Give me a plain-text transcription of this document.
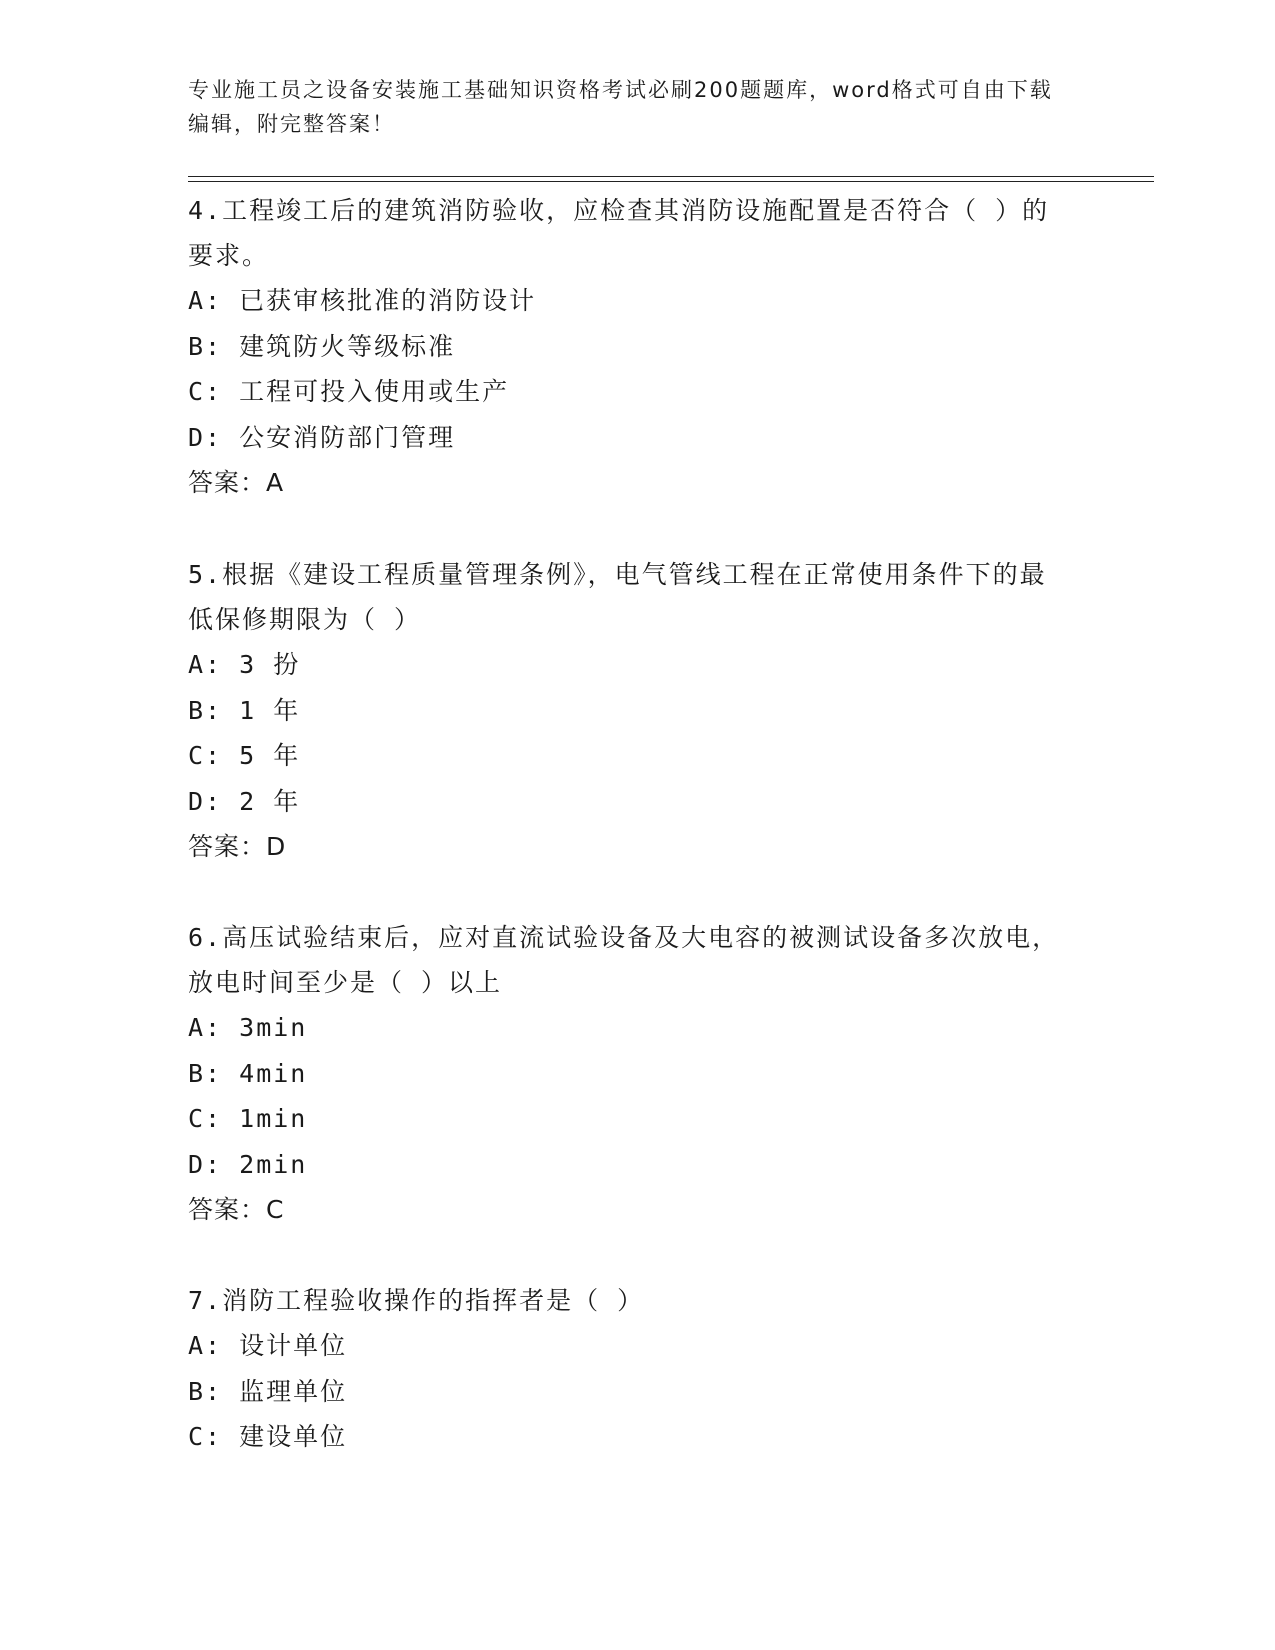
专业施工员之设备安装施工基础知识资格考试必刷200题题库，word格式可自由下载编辑，附完整答案！

4.工程竣工后的建筑消防验收，应检查其消防设施配置是否符合（ ）的要求。

A: 已获审核批准的消防设计

B: 建筑防火等级标准

C: 工程可投入使用或生产

D: 公安消防部门管理

答案：A

5.根据《建设工程质量管理条例》，电气管线工程在正常使用条件下的最低保修期限为（ ）

A: 3 扮

B: 1 年

C: 5 年

D: 2 年

答案：D

6.高压试验结束后，应对直流试验设备及大电容的被测试设备多次放电，放电时间至少是（ ）以上

A: 3min

B: 4min

C: 1min

D: 2min

答案：C

7.消防工程验收操作的指挥者是（ ）

A: 设计单位

B: 监理单位

C: 建设单位
